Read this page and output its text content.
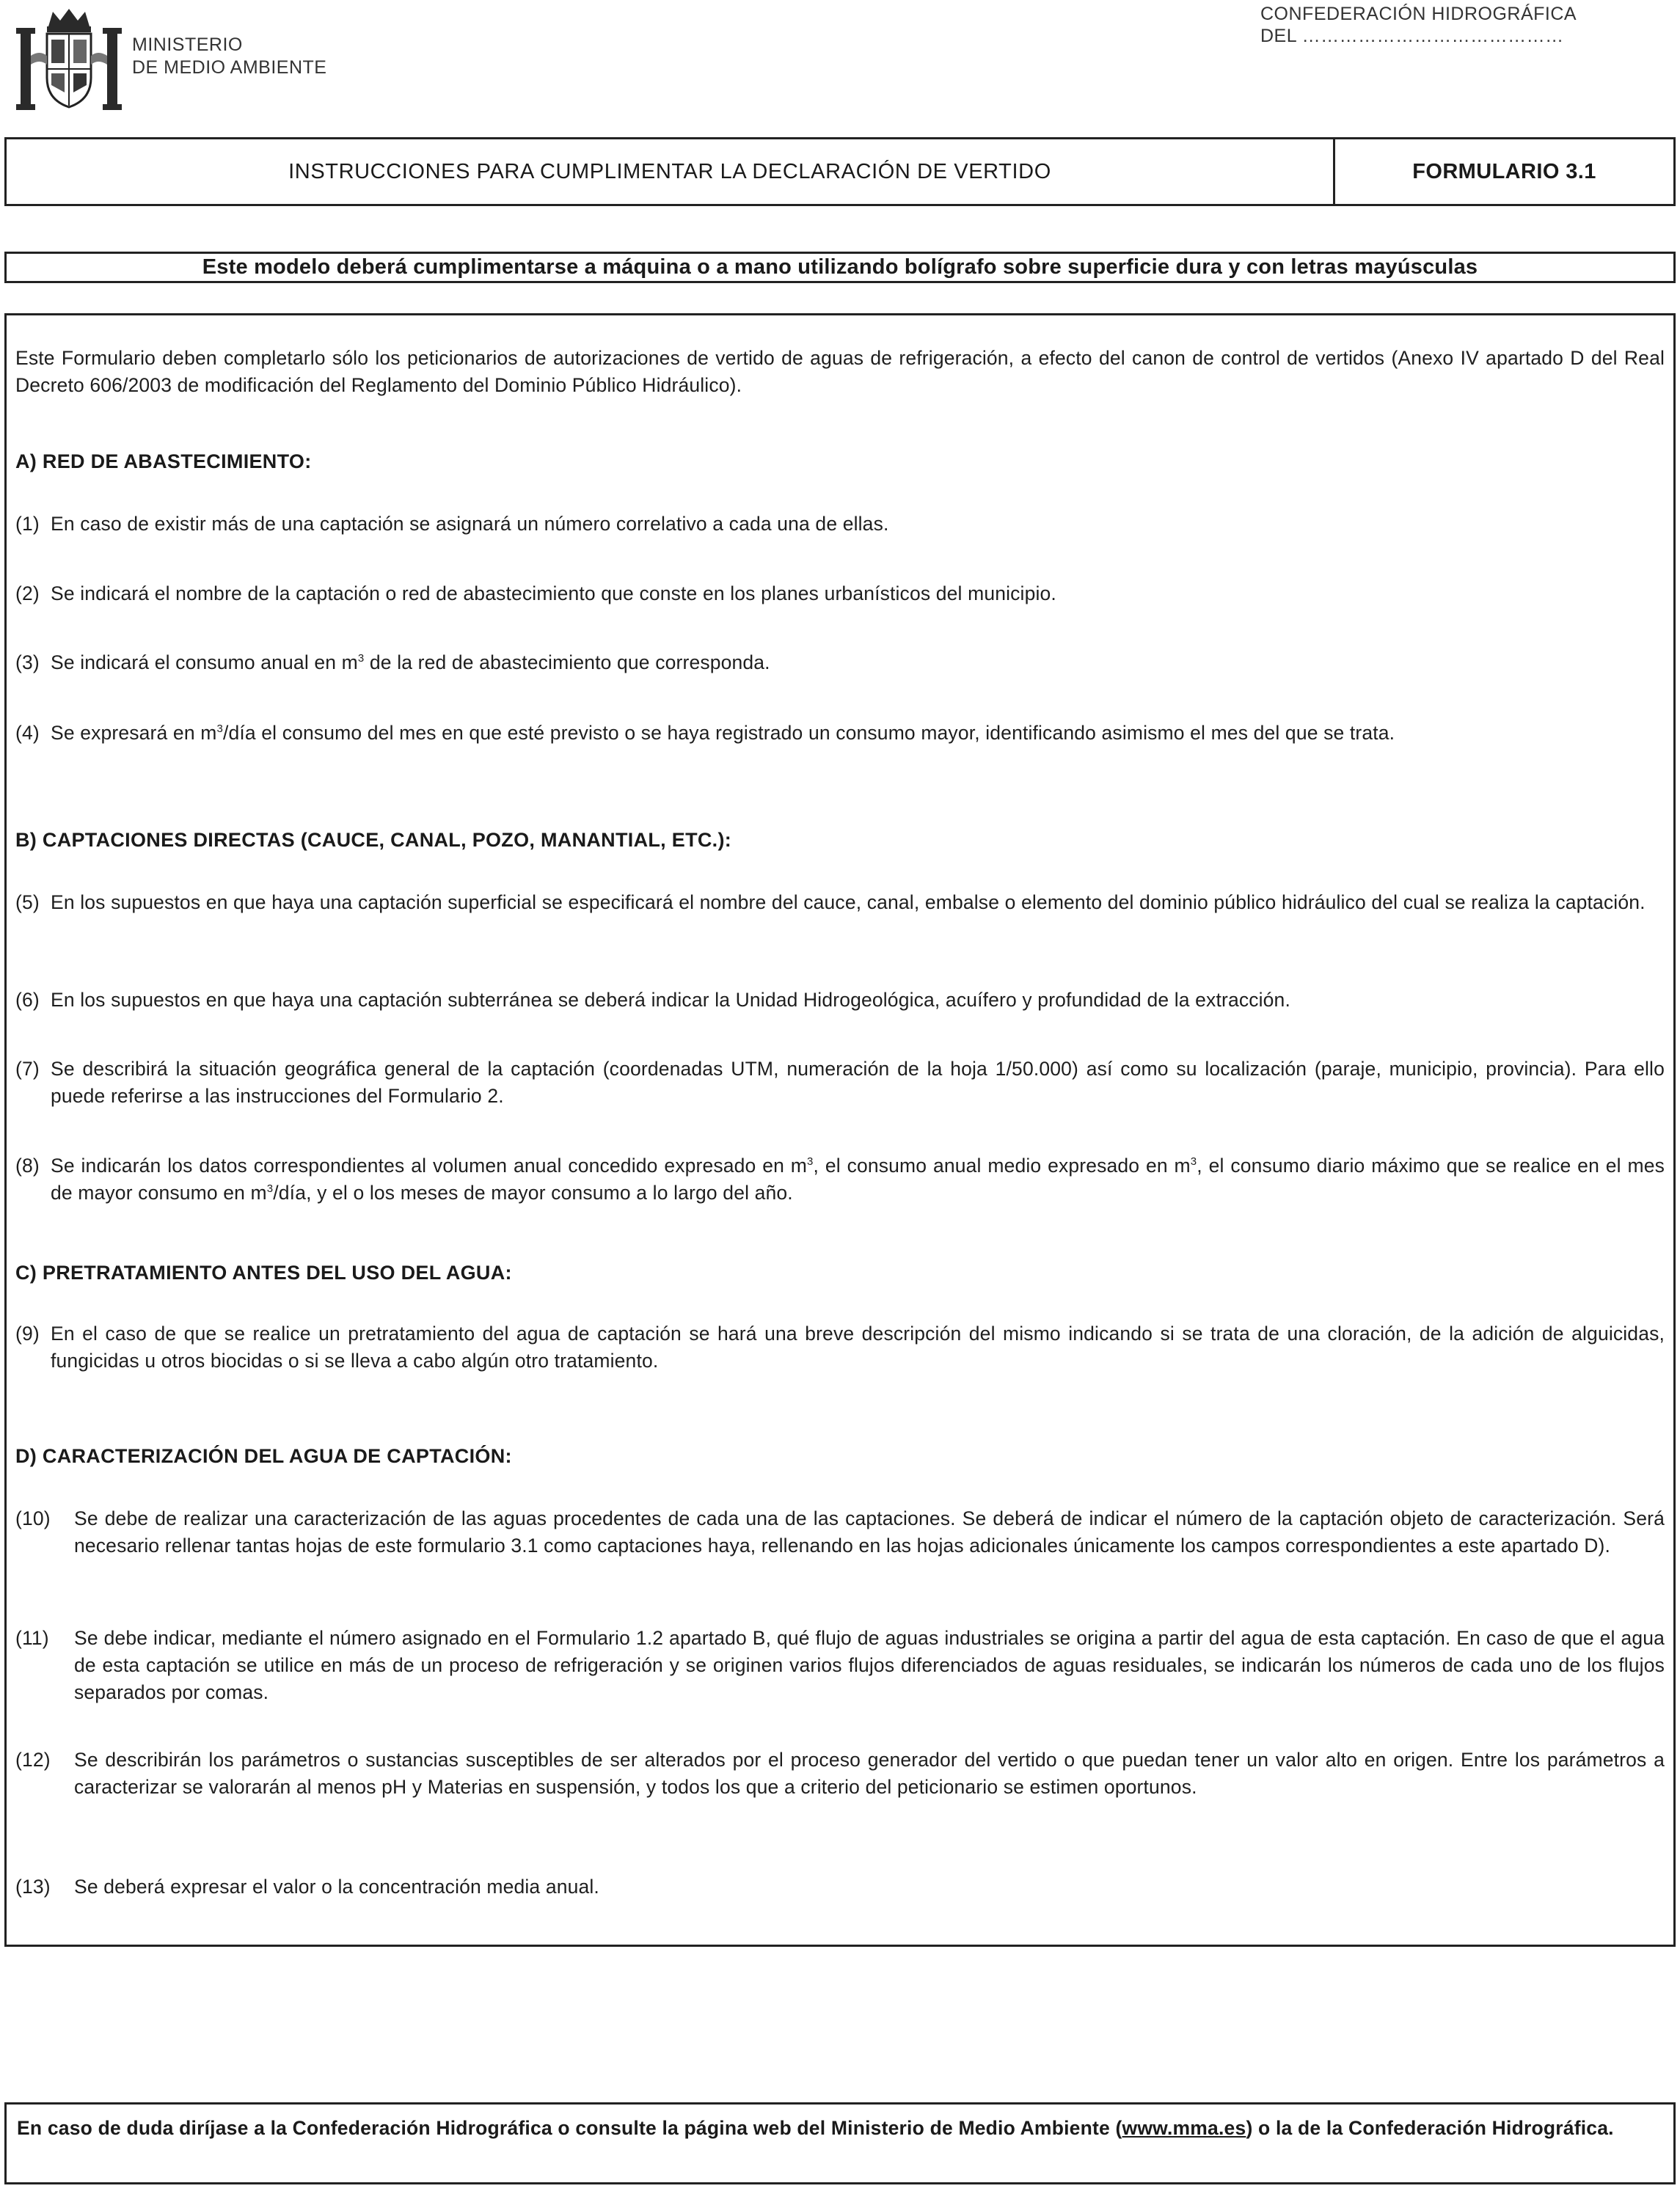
MINISTERIO
DE MEDIO AMBIENTE
CONFEDERACIÓN HIDROGRÁFICA
DEL ……………………………………
INSTRUCCIONES PARA CUMPLIMENTAR LA DECLARACIÓN DE VERTIDO	FORMULARIO 3.1
Este modelo deberá cumplimentarse a máquina o a mano utilizando bolígrafo sobre superficie dura y con letras mayúsculas
Este Formulario deben completarlo sólo los peticionarios de autorizaciones de vertido de aguas de refrigeración, a efecto del canon de control de vertidos (Anexo IV apartado D del Real Decreto 606/2003 de modificación del Reglamento del Dominio Público Hidráulico).
A) RED DE ABASTECIMIENTO:
(1) En caso de existir más de una captación se asignará un número correlativo a cada una de ellas.
(2) Se indicará el nombre de la captación o red de abastecimiento que conste en los planes urbanísticos del municipio.
(3) Se indicará el consumo anual en $m^3$ de la red de abastecimiento que corresponda.
(4) Se expresará en $m^3$/día el consumo del mes en que esté previsto o se haya registrado un consumo mayor, identificando asimismo el mes del que se trata.
B) CAPTACIONES DIRECTAS (CAUCE, CANAL, POZO, MANANTIAL, ETC.):
(5) En los supuestos en que haya una captación superficial se especificará el nombre del cauce, canal, embalse o elemento del dominio público hidráulico del cual se realiza la captación.
(6) En los supuestos en que haya una captación subterránea se deberá indicar la Unidad Hidrogeológica, acuífero y profundidad de la extracción.
(7) Se describirá la situación geográfica general de la captación (coordenadas UTM, numeración de la hoja 1/50.000) así como su localización (paraje, municipio, provincia). Para ello puede referirse a las instrucciones del Formulario 2.
(8) Se indicarán los datos correspondientes al volumen anual concedido expresado en $m^3$, el consumo anual medio expresado en $m^3$, el consumo diario máximo que se realice en el mes de mayor consumo en $m^3$/día, y el o los meses de mayor consumo a lo largo del año.
C) PRETRATAMIENTO ANTES DEL USO DEL AGUA:
(9) En el caso de que se realice un pretratamiento del agua de captación se hará una breve descripción del mismo indicando si se trata de una cloración, de la adición de alguicidas, fungicidas u otros biocidas o si se lleva a cabo algún otro tratamiento.
D) CARACTERIZACIÓN DEL AGUA DE CAPTACIÓN:
(10) Se debe de realizar una caracterización de las aguas procedentes de cada una de las captaciones. Se deberá de indicar el número de la captación objeto de caracterización. Será necesario rellenar tantas hojas de este formulario 3.1 como captaciones haya, rellenando en las hojas adicionales únicamente los campos correspondientes a este apartado D).
(11) Se debe indicar, mediante el número asignado en el Formulario 1.2 apartado B, qué flujo de aguas industriales se origina a partir del agua de esta captación. En caso de que el agua de esta captación se utilice en más de un proceso de refrigeración y se originen varios flujos diferenciados de aguas residuales, se indicarán los números de cada uno de los flujos separados por comas.
(12) Se describirán los parámetros o sustancias susceptibles de ser alterados por el proceso generador del vertido o que puedan tener un valor alto en origen. Entre los parámetros a caracterizar se valorarán al menos pH y Materias en suspensión, y todos los que a criterio del peticionario se estimen oportunos.
(13) Se deberá expresar el valor o la concentración media anual.
En caso de duda diríjase a la Confederación Hidrográfica o consulte la página web del Ministerio de Medio Ambiente (www.mma.es) o la de la Confederación Hidrográfica.
